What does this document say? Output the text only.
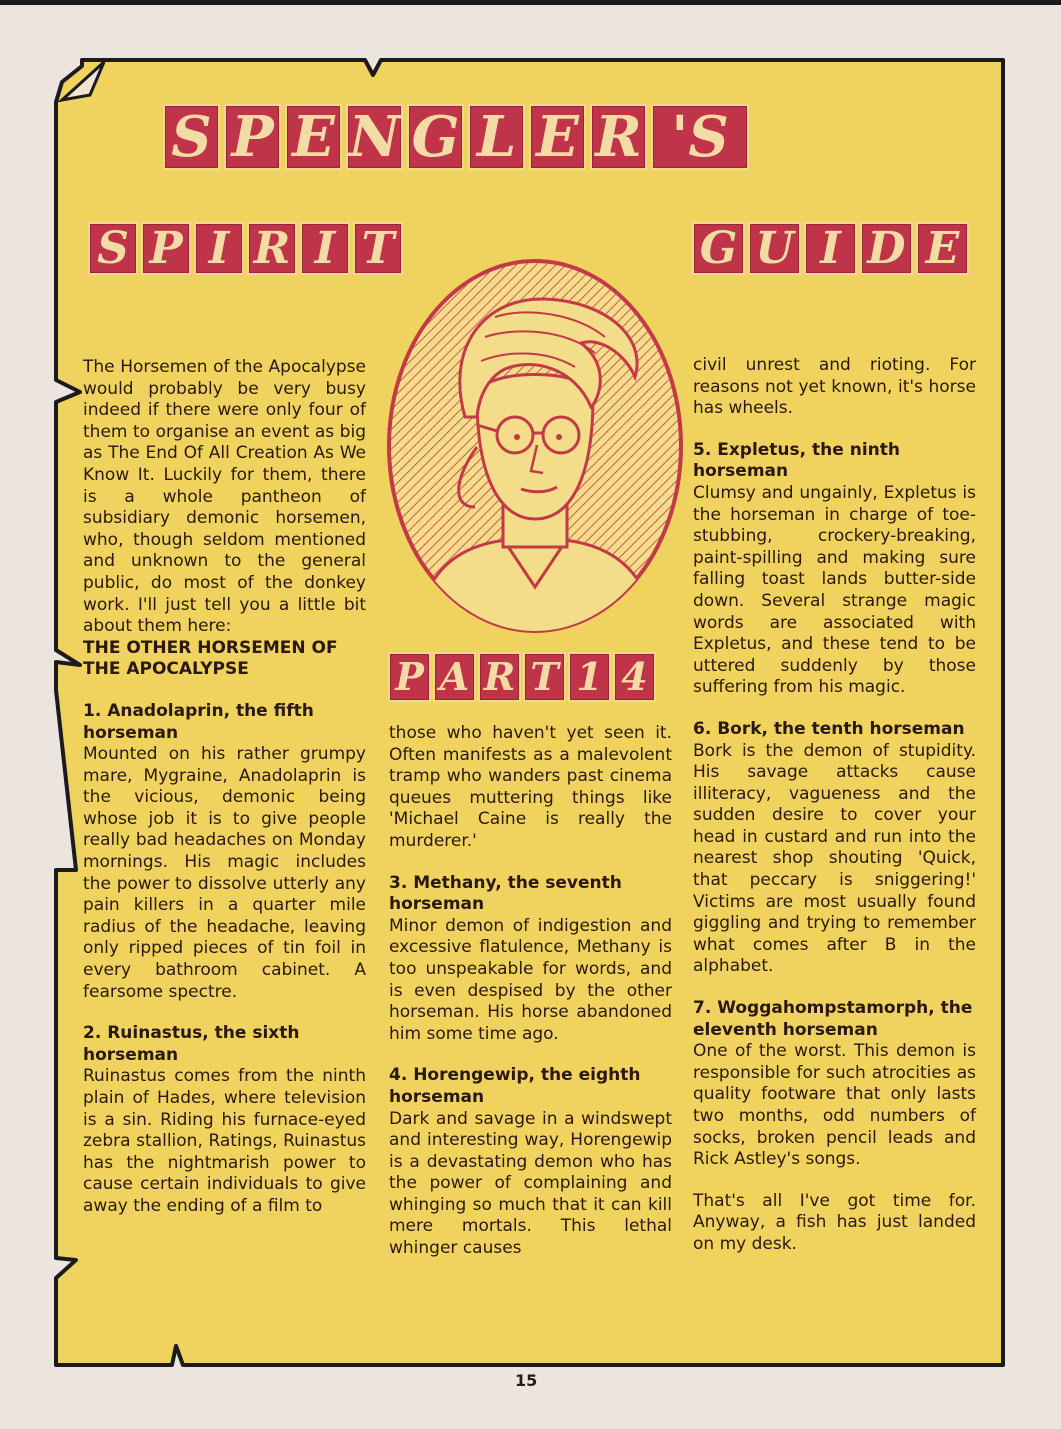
S P E N G L E R 'S
S P I R I T	G U I D E
P A R T 1 4

The Horsemen of the Apocalypse would probably be very busy indeed if there were only four of them to organise an event as big as The End Of All Creation As We Know It. Luckily for them, there is a whole pantheon of subsidiary demonic horsemen, who, though seldom mentioned and unknown to the general public, do most of the donkey work. I'll just tell you a little bit about them here:

THE OTHER HORSEMEN OF THE APOCALYPSE

1. Anadolaprin, the fifth horseman

Mounted on his rather grumpy mare, Mygraine, Anadolaprin is the vicious, demonic being whose job it is to give people really bad headaches on Monday mornings. His magic includes the power to dissolve utterly any pain killers in a quarter mile radius of the headache, leaving only ripped pieces of tin foil in every bathroom cabinet. A fearsome spectre.

2. Ruinastus, the sixth horseman

Ruinastus comes from the ninth plain of Hades, where television is a sin. Riding his furnace-eyed zebra stallion, Ratings, Ruinastus has the nightmarish power to cause certain individuals to give away the ending of a film to

those who haven't yet seen it. Often manifests as a malevolent tramp who wanders past cinema queues muttering things like 'Michael Caine is really the murderer.'

3. Methany, the seventh horseman

Minor demon of indigestion and excessive flatulence, Methany is too unspeakable for words, and is even despised by the other horseman. His horse abandoned him some time ago.

4. Horengewip, the eighth horseman

Dark and savage in a windswept and interesting way, Horengewip is a devastating demon who has the power of complaining and whinging so much that it can kill mere mortals. This lethal whinger causes

civil unrest and rioting. For reasons not yet known, it's horse has wheels.

5. Expletus, the ninth horseman

Clumsy and ungainly, Expletus is the horseman in charge of toe-stubbing, crockery-breaking, paint-spilling and making sure falling toast lands butter-side down. Several strange magic words are associated with Expletus, and these tend to be uttered suddenly by those suffering from his magic.

6. Bork, the tenth horseman

Bork is the demon of stupidity. His savage attacks cause illiteracy, vagueness and the sudden desire to cover your head in custard and run into the nearest shop shouting 'Quick, that peccary is sniggering!' Victims are most usually found giggling and trying to remember what comes after B in the alphabet.

7. Woggahompstamorph, the eleventh horseman

One of the worst. This demon is responsible for such atrocities as quality footware that only lasts two months, odd numbers of socks, broken pencil leads and Rick Astley's songs.

That's all I've got time for. Anyway, a fish has just landed on my desk.

15
